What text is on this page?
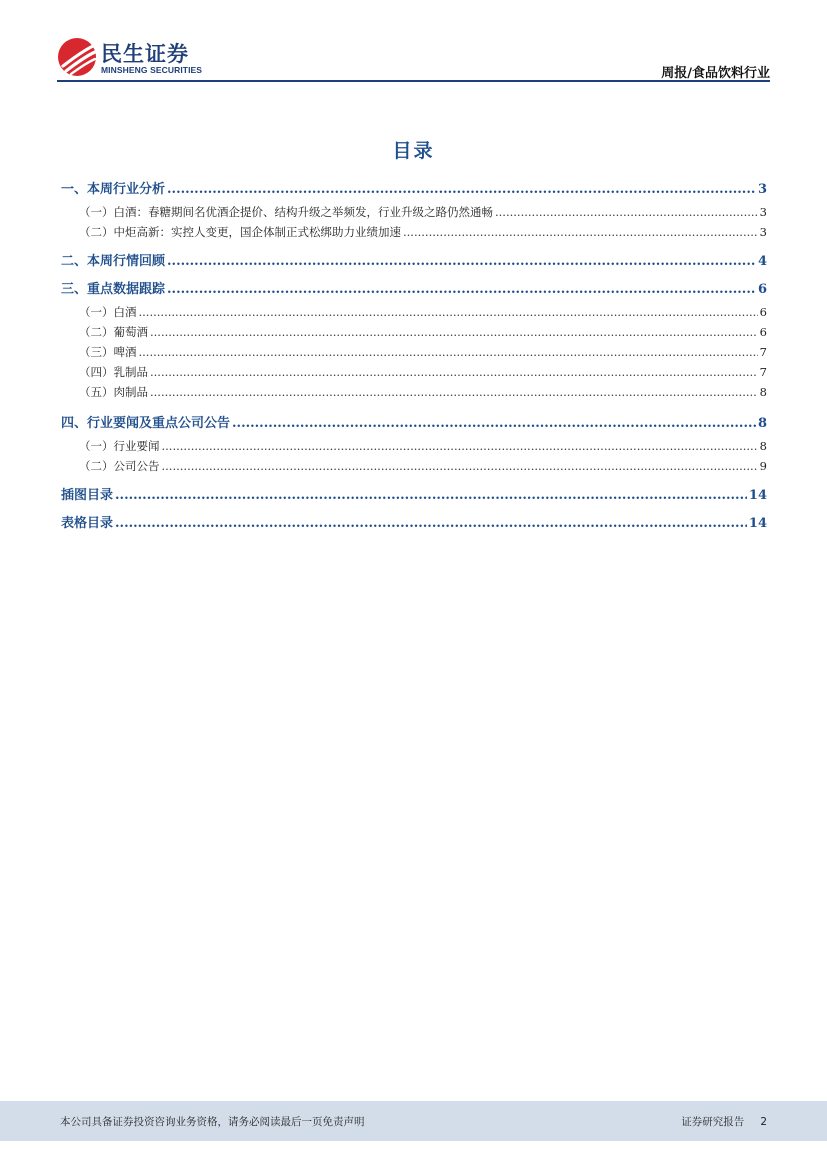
民生证券
MINSHENG SECURITIES	周报/食品饮料行业
目录
一、本周行业分析 .....	3
（一）白酒：春糖期间名优酒企提价、结构升级之举频发，行业升级之路仍然通畅 .....	3
（二）中炬高新：实控人变更，国企体制正式松绑助力业绩加速 .....	3
二、本周行情回顾 .....	4
三、重点数据跟踪 .....	6
（一）白酒 .....	6
（二）葡萄酒 .....	6
（三）啤酒 .....	7
（四）乳制品 .....	7
（五）肉制品 .....	8
四、行业要闻及重点公司公告 .....	8
（一）行业要闻 .....	8
（二）公司公告 .....	9
插图目录 .....	14
表格目录 .....	14
本公司具备证券投资咨询业务资格，请务必阅读最后一页免责声明	证券研究报告 2
